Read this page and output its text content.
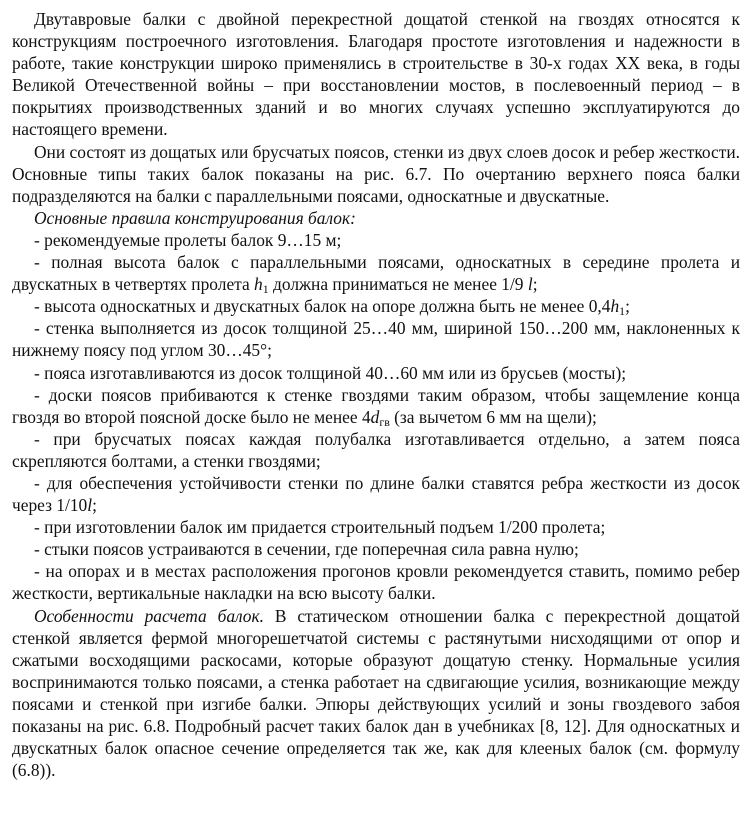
Двутавровые балки с двойной перекрестной дощатой стенкой на гвоздях относятся к конструкциям построечного изготовления. Благодаря простоте изготовления и надежности в работе, такие конструкции широко применялись в строительстве в 30-х годах XX века, в годы Великой Отечественной войны – при восстановлении мостов, в послевоенный период – в покрытиях производственных зданий и во многих случаях успешно эксплуатируются до настоящего времени.

Они состоят из дощатых или брусчатых поясов, стенки из двух слоев досок и ребер жесткости. Основные типы таких балок показаны на рис. 6.7. По очертанию верхнего пояса балки подразделяются на балки с параллельными поясами, односкатные и двускатные.

Основные правила конструирования балок:

- рекомендуемые пролеты балок 9…15 м;

- полная высота балок с параллельными поясами, односкатных в середине пролета и двускатных в четвертях пролета $h_1$ должна приниматься не менее 1/9 l;

- высота односкатных и двускатных балок на опоре должна быть не менее $0,4h_1$;

- стенка выполняется из досок толщиной 25…40 мм, шириной 150…200 мм, наклоненных к нижнему поясу под углом 30…45°;

- пояса изготавливаются из досок толщиной 40…60 мм или из брусьев (мосты);

- доски поясов прибиваются к стенке гвоздями таким образом, чтобы защемление конца гвоздя во второй поясной доске было не менее $4d_{гв}$ (за вычетом 6 мм на щели);

- при брусчатых поясах каждая полубалка изготавливается отдельно, а затем пояса скрепляются болтами, а стенки гвоздями;

- для обеспечения устойчивости стенки по длине балки ставятся ребра жесткости из досок через 1/10l;

- при изготовлении балок им придается строительный подъем 1/200 пролета;

- стыки поясов устраиваются в сечении, где поперечная сила равна нулю;

- на опорах и в местах расположения прогонов кровли рекомендуется ставить, помимо ребер жесткости, вертикальные накладки на всю высоту балки.

Особенности расчета балок. В статическом отношении балка с перекрестной дощатой стенкой является фермой многорешетчатой системы с растянутыми нисходящими от опор и сжатыми восходящими раскосами, которые образуют дощатую стенку. Нормальные усилия воспринимаются только поясами, а стенка работает на сдвигающие усилия, возникающие между поясами и стенкой при изгибе балки. Эпюры действующих усилий и зоны гвоздевого забоя показаны на рис. 6.8. Подробный расчет таких балок дан в учебниках [8, 12]. Для односкатных и двускатных балок опасное сечение определяется так же, как для клееных балок (см. формулу (6.8)).
